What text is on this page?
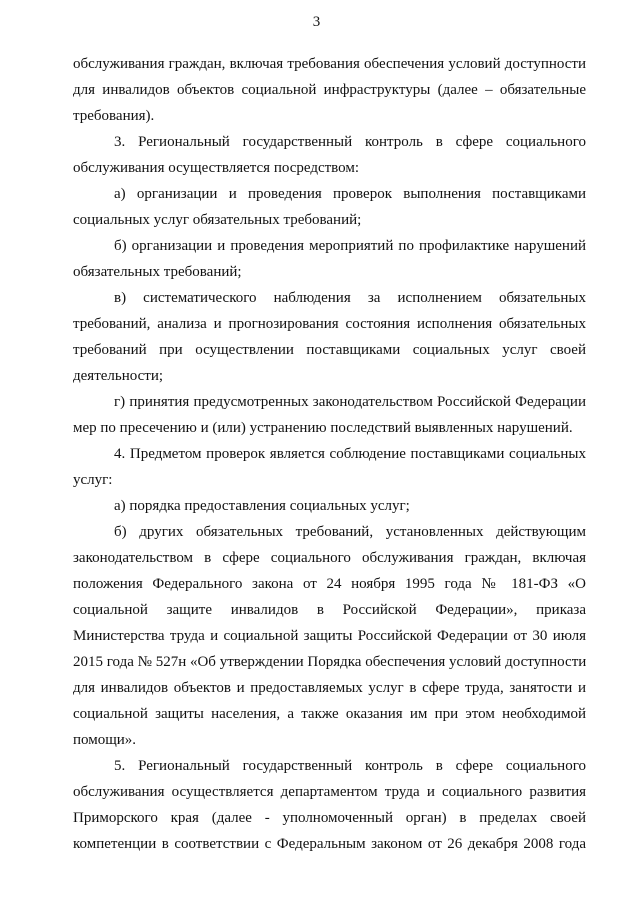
3
обслуживания граждан, включая требования обеспечения условий доступности
для инвалидов объектов социальной инфраструктуры (далее – обязательные
требования).
3. Региональный государственный контроль в сфере социального
обслуживания осуществляется посредством:
а) организации и проведения проверок выполнения поставщиками
социальных услуг обязательных требований;
б) организации и проведения мероприятий по профилактике нарушений
обязательных требований;
в) систематического наблюдения за исполнением обязательных
требований, анализа и прогнозирования состояния исполнения обязательных
требований при осуществлении поставщиками социальных услуг своей
деятельности;
г) принятия предусмотренных законодательством Российской Федерации
мер по пресечению и (или) устранению последствий выявленных нарушений.
4. Предметом проверок является соблюдение поставщиками социальных
услуг:
а) порядка предоставления социальных услуг;
б) других обязательных требований, установленных действующим
законодательством в сфере социального обслуживания граждан, включая
положения Федерального закона от 24 ноября 1995 года № 181-ФЗ «О
социальной защите инвалидов в Российской Федерации», приказа
Министерства труда и социальной защиты Российской Федерации от 30 июля
2015 года № 527н «Об утверждении Порядка обеспечения условий доступности
для инвалидов объектов и предоставляемых услуг в сфере труда, занятости и
социальной защиты населения, а также оказания им при этом необходимой
помощи».
5. Региональный государственный контроль в сфере социального
обслуживания осуществляется департаментом труда и социального развития
Приморского края (далее - уполномоченный орган) в пределах своей
компетенции в соответствии с Федеральным законом от 26 декабря 2008 года
